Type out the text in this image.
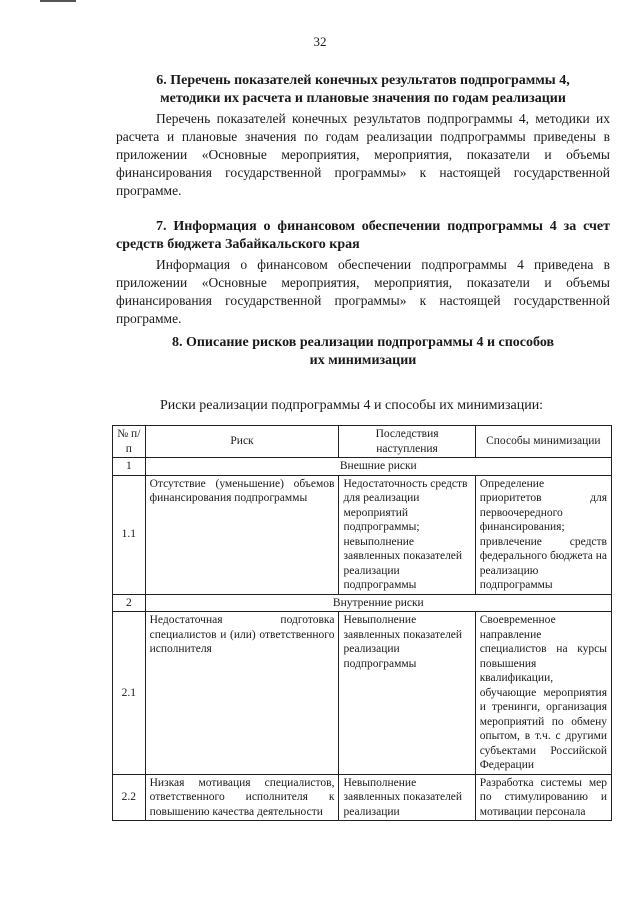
32
6. Перечень показателей конечных результатов подпрограммы 4,
методики их расчета и плановые значения по годам реализации

Перечень показателей конечных результатов подпрограммы 4, методики их расчета и плановые значения по годам реализации подпрограммы приведены в приложении «Основные мероприятия, мероприятия, показатели и объемы финансирования государственной программы» к настоящей государственной программе.

7. Информация о финансовом обеспечении подпрограммы 4 за счет средств бюджета Забайкальского края

Информация о финансовом обеспечении подпрограммы 4 приведена в приложении «Основные мероприятия, мероприятия, показатели и объемы финансирования государственной программы» к настоящей государственной программе.

8. Описание рисков реализации подпрограммы 4 и способов
их минимизации
Риски реализации подпрограммы 4 и способы их минимизации:
№ п/п	Риск	Последствия наступления	Способы минимизации
1	Внешние риски		
1.1	Отсутствие (уменьшение) объемов финансирования подпрограммы	Недостаточность средств для реализации мероприятий подпрограммы; невыполнение заявленных показателей реализации подпрограммы	Определение приоритетов для первоочередного финансирования; привлечение средств федерального бюджета на реализацию подпрограммы
2	Внутренние риски		
2.1	Недостаточная подготовка специалистов и (или) ответственного исполнителя	Невыполнение заявленных показателей реализации подпрограммы	Своевременное направление специалистов на курсы повышения квалификации, обучающие мероприятия и тренинги, организация мероприятий по обмену опытом, в т.ч. с другими субъектами Российской Федерации
2.2	Низкая мотивация специалистов, ответственного исполнителя к повышению качества деятельности	Невыполнение заявленных показателей реализации	Разработка системы мер по стимулированию и мотивации персонала
